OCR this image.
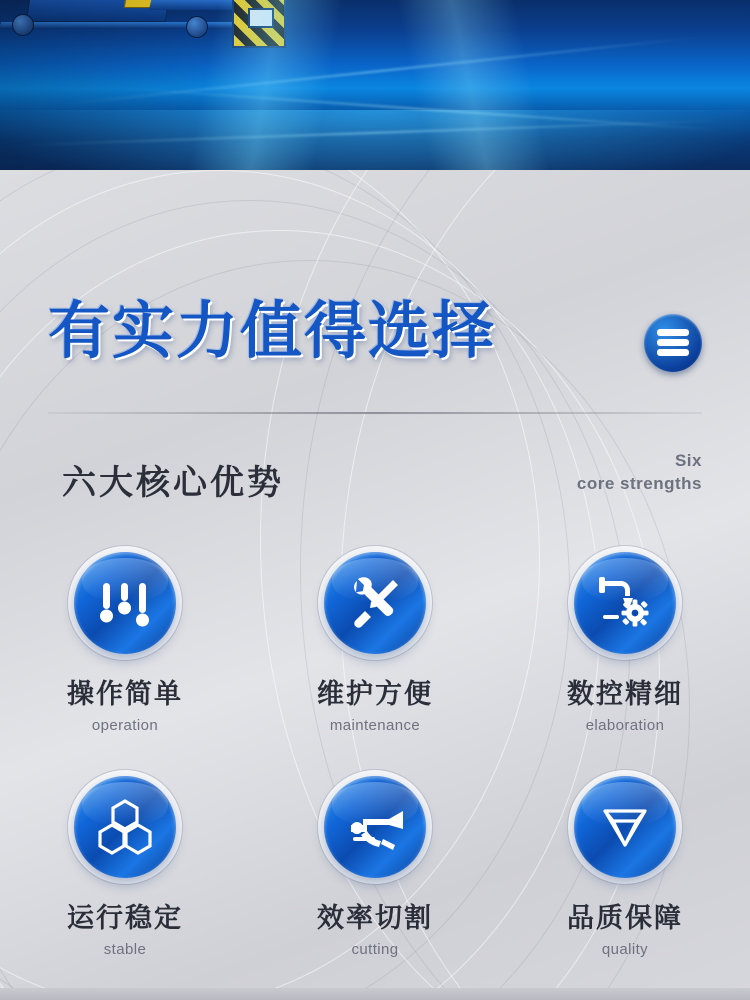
有实力值得选择
六大核心优势
Six
core strengths
操作简单
operation
维护方便
maintenance
数控精细
elaboration
运行稳定
stable
效率切割
cutting
品质保障
quality
